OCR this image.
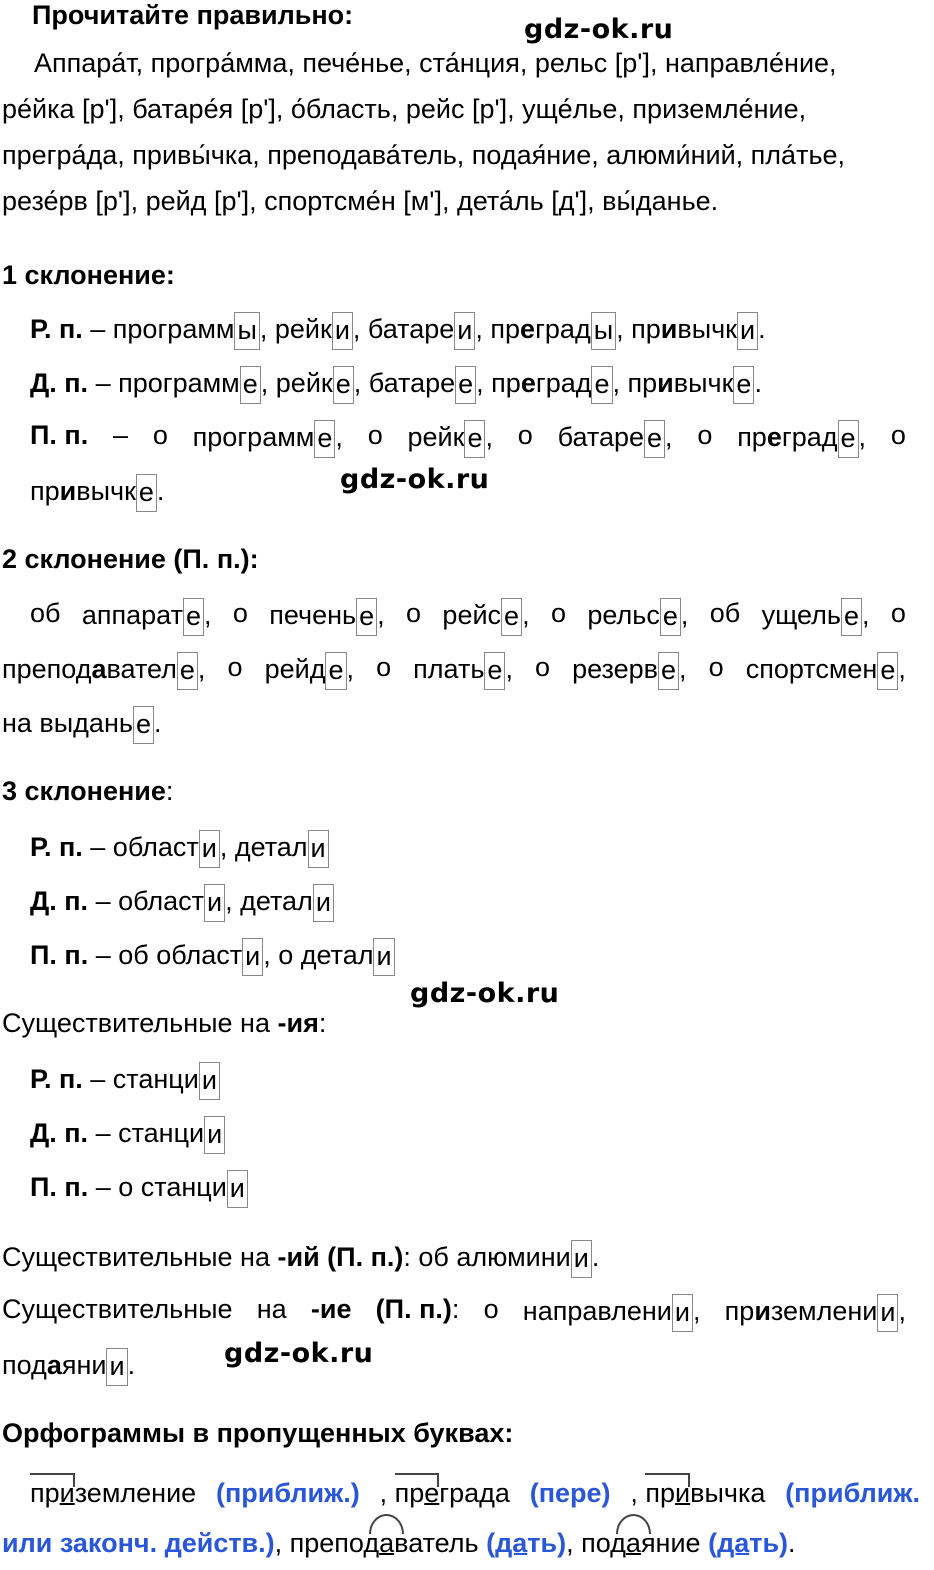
Прочитайте правильно:	gdz-ok.ru
Аппара́т, програ́мма, пече́нье, ста́нция, рельс [р'], направле́ние,
ре́йка [р'], батаре́я [р'], о́бласть, рейс [р'], уще́лье, приземле́ние,
прегра́да, привы́чка, преподава́тель, подая́ние, алюми́ний, пла́тье,
резе́рв [р'], рейд [р'], спортсме́н [м'], дета́ль [д'], вы́данье.
1 склонение:
Р. п. – программ ы , рейк и , батаре и , преград ы , привычк и .
Д. п. – программ е , рейк е , батаре е , преград е , привычк е .
П. п. – о программ е , о рейк е , о батаре е , о преград е , о
привычк е .	gdz-ok.ru
2 склонение (П. п.):
об аппарат е , о печень е , о рейс е , о рельс е , об ущель е , о
преподавател е , о рейд е , о плать е , о резерв е , о спортсмен е ,
на выдань е .
3 склонение:
Р. п. – област и , детал и
Д. п. – област и , детал и
П. п. – об област и , о детал и
gdz-ok.ru
Существительные на -ия:
Р. п. – станци и
Д. п. – станци и
П. п. – о станци и
Существительные на -ий (П. п.): об алюмини и .
Существительные на -ие (П. п.): о направлени и , приземлени и ,
подаяни и .	gdz-ok.ru
Орфограммы в пропущенных буквах:
приземление (приближ.) , преграда (пере) , привычка (приближ.
или законч. действ.), преподаватель (дать), подаяние (дать).
